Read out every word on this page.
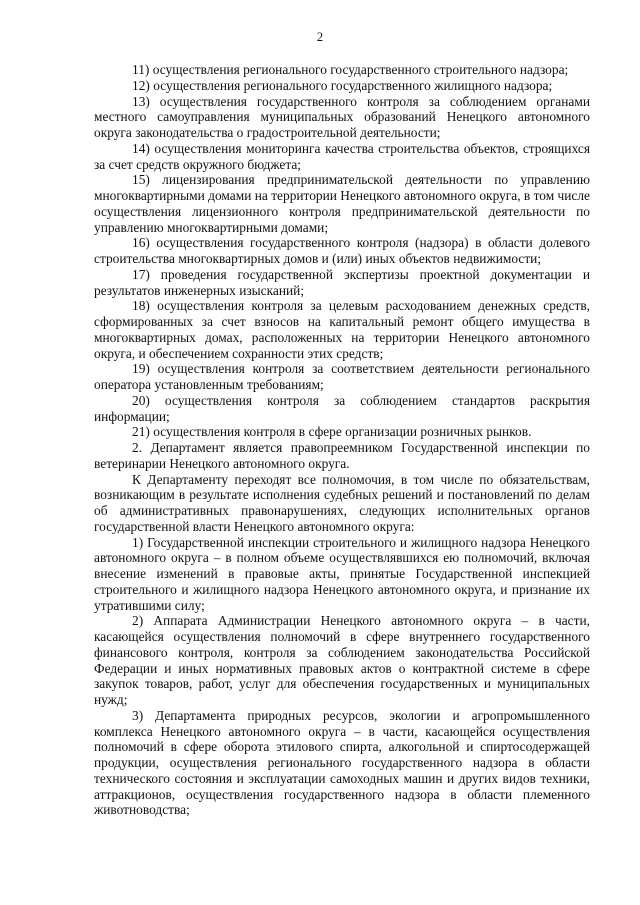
2

11) осуществления регионального государственного строительного надзора;

12) осуществления регионального государственного жилищного надзора;

13) осуществления государственного контроля за соблюдением органами местного самоуправления муниципальных образований Ненецкого автономного округа законодательства о градостроительной деятельности;

14) осуществления мониторинга качества строительства объектов, строящихся за счет средств окружного бюджета;

15) лицензирования предпринимательской деятельности по управлению многоквартирными домами на территории Ненецкого автономного округа, в том числе осуществления лицензионного контроля предпринимательской деятельности по управлению многоквартирными домами;

16) осуществления государственного контроля (надзора) в области долевого строительства многоквартирных домов и (или) иных объектов недвижимости;

17) проведения государственной экспертизы проектной документации и результатов инженерных изысканий;

18) осуществления контроля за целевым расходованием денежных средств, сформированных за счет взносов на капитальный ремонт общего имущества в многоквартирных домах, расположенных на территории Ненецкого автономного округа, и обеспечением сохранности этих средств;

19) осуществления контроля за соответствием деятельности регионального оператора установленным требованиям;

20) осуществления контроля за соблюдением стандартов раскрытия информации;

21) осуществления контроля в сфере организации розничных рынков.

2. Департамент является правопреемником Государственной инспекции по ветеринарии Ненецкого автономного округа.

К Департаменту переходят все полномочия, в том числе по обязательствам, возникающим в результате исполнения судебных решений и постановлений по делам об административных правонарушениях, следующих исполнительных органов государственной власти Ненецкого автономного округа:

1) Государственной инспекции строительного и жилищного надзора Ненецкого автономного округа – в полном объеме осуществлявшихся ею полномочий, включая внесение изменений в правовые акты, принятые Государственной инспекцией строительного и жилищного надзора Ненецкого автономного округа, и признание их утратившими силу;

2) Аппарата Администрации Ненецкого автономного округа – в части, касающейся осуществления полномочий в сфере внутреннего государственного финансового контроля, контроля за соблюдением законодательства Российской Федерации и иных нормативных правовых актов о контрактной системе в сфере закупок товаров, работ, услуг для обеспечения государственных и муниципальных нужд;

3) Департамента природных ресурсов, экологии и агропромышленного комплекса Ненецкого автономного округа – в части, касающейся осуществления полномочий в сфере оборота этилового спирта, алкогольной и спиртосодержащей продукции, осуществления регионального государственного надзора в области технического состояния и эксплуатации самоходных машин и других видов техники, аттракционов, осуществления государственного надзора в области племенного животноводства;
